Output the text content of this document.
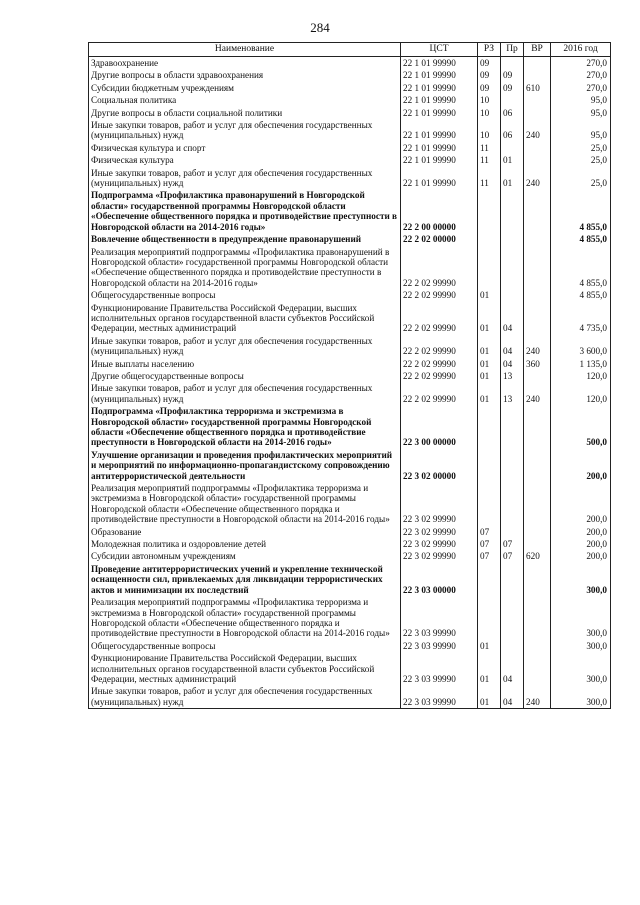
284
Наименование	ЦСТ	РЗ	Пр	ВР	2016 год
Здравоохранение	22 1 01 99990	09			270,0
Другие вопросы в области здравоохранения	22 1 01 99990	09	09		270,0
Субсидии бюджетным учреждениям	22 1 01 99990	09	09	610	270,0
Социальная политика	22 1 01 99990	10			95,0
Другие вопросы в области социальной политики	22 1 01 99990	10	06		95,0
Иные закупки товаров, работ и услуг для обеспечения государственных (муниципальных) нужд	22 1 01 99990	10	06	240	95,0
Физическая культура и спорт	22 1 01 99990	11			25,0
Физическая культура	22 1 01 99990	11	01		25,0
Иные закупки товаров, работ и услуг для обеспечения государственных (муниципальных) нужд	22 1 01 99990	11	01	240	25,0
Подпрограмма «Профилактика правонарушений в Новгородской области» государственной программы Новгородской области «Обеспечение общественного порядка и противодействие преступности в Новгородской области на 2014-2016 годы»	22 2 00 00000				4 855,0
Вовлечение общественности в предупреждение правонарушений	22 2 02 00000				4 855,0
Реализация мероприятий подпрограммы «Профилактика правонарушений в Новгородской области» государственной программы Новгородской области «Обеспечение общественного порядка и противодействие преступности в Новгородской области на 2014-2016 годы»	22 2 02 99990				4 855,0
Общегосударственные вопросы	22 2 02 99990	01			4 855,0
Функционирование Правительства Российской Федерации, высших исполнительных органов государственной власти субъектов Российской Федерации, местных администраций	22 2 02 99990	01	04		4 735,0
Иные закупки товаров, работ и услуг для обеспечения государственных (муниципальных) нужд	22 2 02 99990	01	04	240	3 600,0
Иные выплаты населению	22 2 02 99990	01	04	360	1 135,0
Другие общегосударственные вопросы	22 2 02 99990	01	13		120,0
Иные закупки товаров, работ и услуг для обеспечения государственных (муниципальных) нужд	22 2 02 99990	01	13	240	120,0
Подпрограмма «Профилактика терроризма и экстремизма в Новгородской области» государственной программы Новгородской области «Обеспечение общественного порядка и противодействие преступности в Новгородской области на 2014-2016 годы»	22 3 00 00000				500,0
Улучшение организации и проведения профилактических мероприятий и мероприятий по информационно-пропагандистскому сопровождению антитеррористической деятельности	22 3 02 00000				200,0
Реализация мероприятий подпрограммы «Профилактика терроризма и экстремизма в Новгородской области» государственной программы Новгородской области «Обеспечение общественного порядка и противодействие преступности в Новгородской области на 2014-2016 годы»	22 3 02 99990				200,0
Образование	22 3 02 99990	07			200,0
Молодежная политика и оздоровление детей	22 3 02 99990	07	07		200,0
Субсидии автономным учреждениям	22 3 02 99990	07	07	620	200,0
Проведение антитеррористических учений и укрепление технической оснащенности сил, привлекаемых для ликвидации террористических актов и минимизации их последствий	22 3 03 00000				300,0
Реализация мероприятий подпрограммы «Профилактика терроризма и экстремизма в Новгородской области» государственной программы Новгородской области «Обеспечение общественного порядка и противодействие преступности в Новгородской области на 2014-2016 годы»	22 3 03 99990				300,0
Общегосударственные вопросы	22 3 03 99990	01			300,0
Функционирование Правительства Российской Федерации, высших исполнительных органов государственной власти субъектов Российской Федерации, местных администраций	22 3 03 99990	01	04		300,0
Иные закупки товаров, работ и услуг для обеспечения государственных (муниципальных) нужд	22 3 03 99990	01	04	240	300,0
